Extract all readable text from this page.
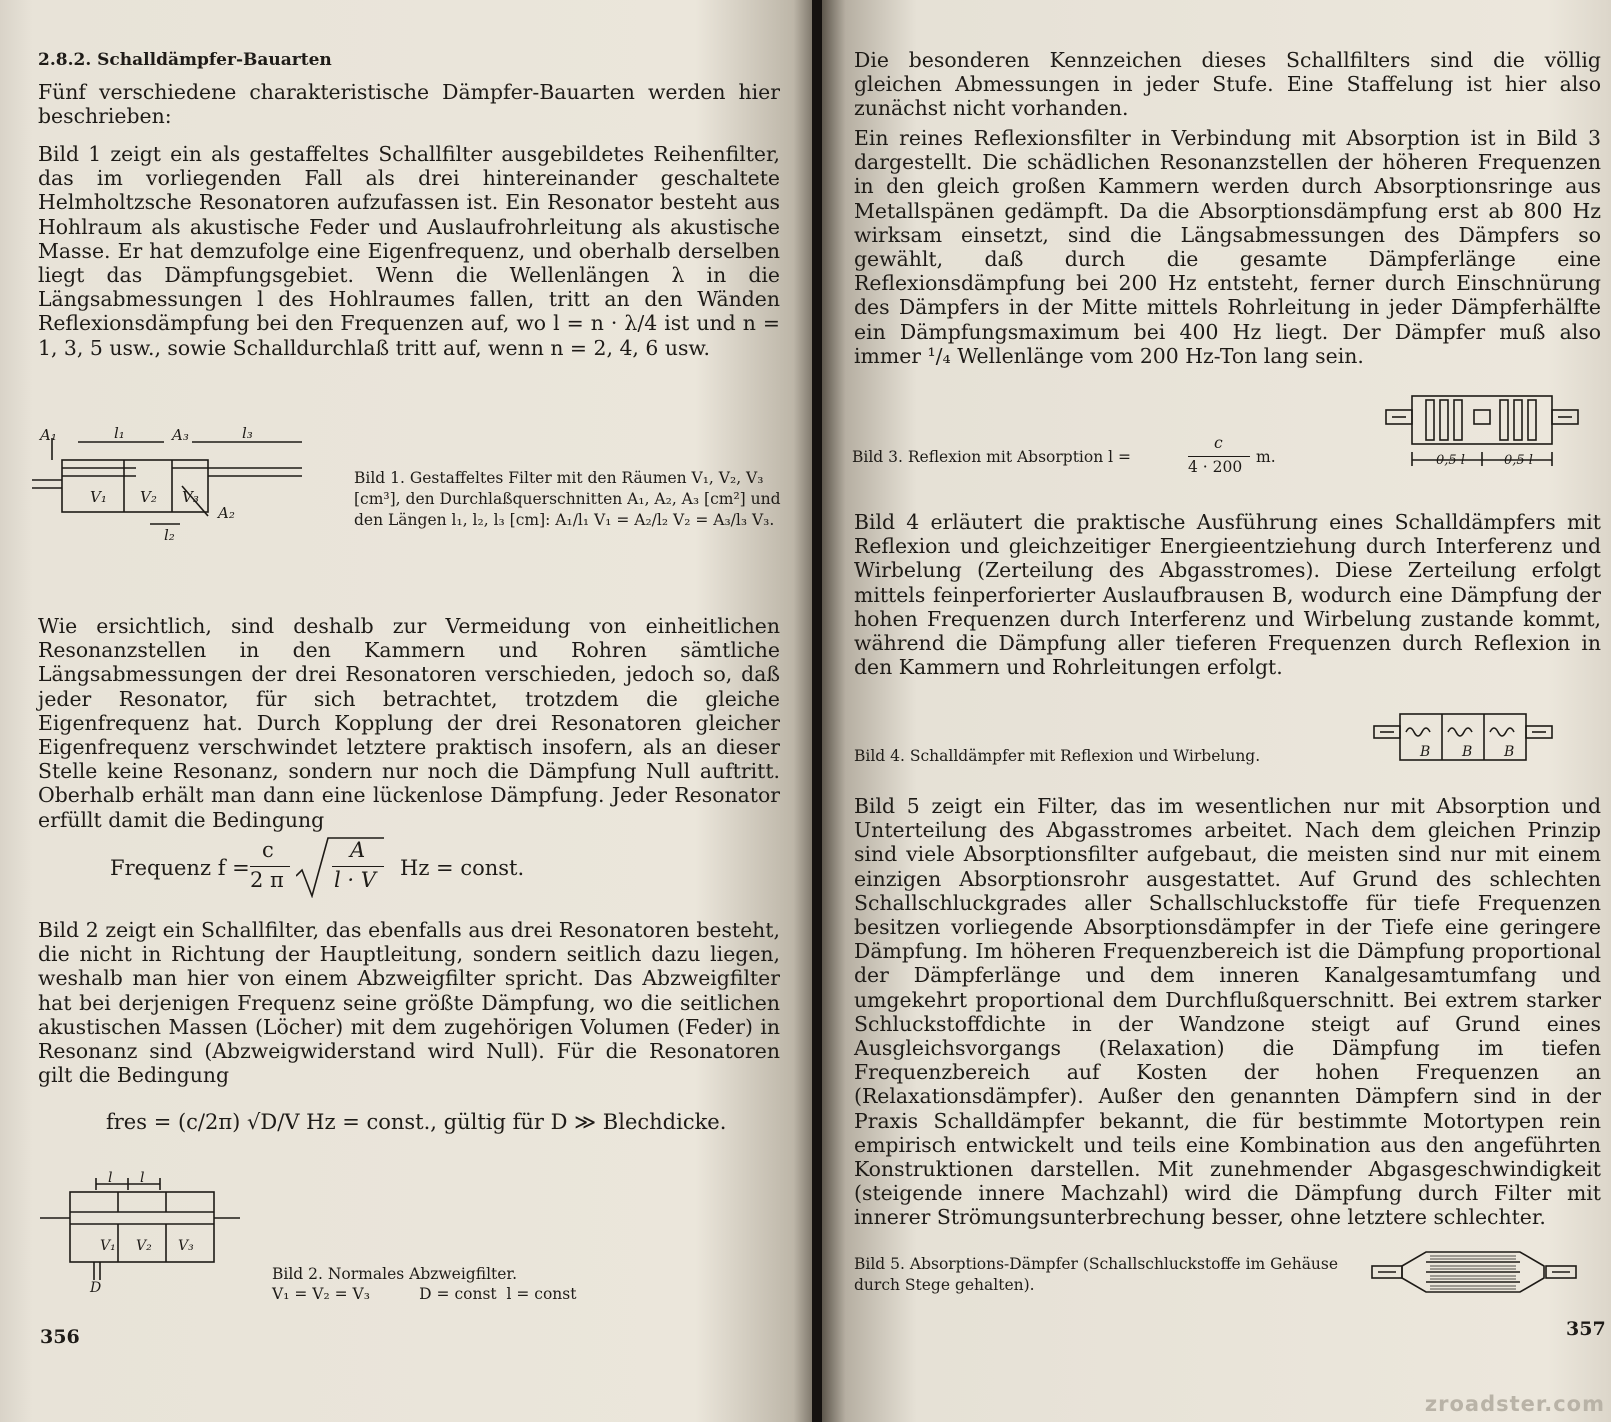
2.8.2. Schalldämpfer-Bauarten

Fünf verschiedene charakteristische Dämpfer-Bauarten werden hier beschrieben:

Bild 1 zeigt ein als gestaffeltes Schallfilter ausgebildetes Reihenfilter, das im vorliegenden Fall als drei hintereinander geschaltete Helmholtzsche Resonatoren aufzufassen ist. Ein Resonator besteht aus Hohlraum als akustische Feder und Auslaufrohrleitung als akustische Masse. Er hat demzufolge eine Eigenfrequenz, und oberhalb derselben liegt das Dämpfungsgebiet. Wenn die Wellenlängen λ in die Längsabmessungen l des Hohlraumes fallen, tritt an den Wänden Reflexionsdämpfung bei den Frequenzen auf, wo l = n · λ/4 ist und n = 1, 3, 5 usw., sowie Schalldurchlaß tritt auf, wenn n = 2, 4, 6 usw.

A₁	l₁	A₃	l₃
V₁ V₂ V₃
A₂
l₂

Bild 1. Gestaffeltes Filter mit den Räumen V₁, V₂, V₃ [cm³], den Durchlaßquerschnitten A₁, A₂, A₃ [cm²] und den Längen l₁, l₂, l₃ [cm]: A₁/l₁ V₁ = A₂/l₂ V₂ = A₃/l₃ V₃.

Wie ersichtlich, sind deshalb zur Vermeidung von einheitlichen Resonanzstellen in den Kammern und Rohren sämtliche Längsabmessungen der drei Resonatoren verschieden, jedoch so, daß jeder Resonator, für sich betrachtet, trotzdem die gleiche Eigenfrequenz hat. Durch Kopplung der drei Resonatoren gleicher Eigenfrequenz verschwindet letztere praktisch insofern, als an dieser Stelle keine Resonanz, sondern nur noch die Dämpfung Null auftritt. Oberhalb erhält man dann eine lückenlose Dämpfung. Jeder Resonator erfüllt damit die Bedingung

Frequenz f =
c
2 π
A
l · V Hz = const.

Bild 2 zeigt ein Schallfilter, das ebenfalls aus drei Resonatoren besteht, die nicht in Richtung der Hauptleitung, sondern seitlich dazu liegen, weshalb man hier von einem Abzweigfilter spricht. Das Abzweigfilter hat bei derjenigen Frequenz seine größte Dämpfung, wo die seitlichen akustischen Massen (Löcher) mit dem zugehörigen Volumen (Feder) in Resonanz sind (Abzweigwiderstand wird Null). Für die Resonatoren gilt die Bedingung

fres = (c/2π) √D/V Hz = const., gültig für D ≫ Blechdicke.

l l
V₁ V₂ V₃
D

Bild 2. Normales Abzweigfilter.

V₁ = V₂ = V₃          D = const  l = const

356

Die besonderen Kennzeichen dieses Schallfilters sind die völlig gleichen Abmessungen in jeder Stufe. Eine Staffelung ist hier also zunächst nicht vorhanden.

Ein reines Reflexionsfilter in Verbindung mit Absorption ist in Bild 3 dargestellt. Die schädlichen Resonanzstellen der höheren Frequenzen in den gleich großen Kammern werden durch Absorptionsringe aus Metallspänen gedämpft. Da die Absorptionsdämpfung erst ab 800 Hz wirksam einsetzt, sind die Längsabmessungen des Dämpfers so gewählt, daß durch die gesamte Dämpferlänge eine Reflexionsdämpfung bei 200 Hz entsteht, ferner durch Einschnürung des Dämpfers in der Mitte mittels Rohrleitung in jeder Dämpferhälfte ein Dämpfungsmaximum bei 400 Hz liegt. Der Dämpfer muß also immer ¹/₄ Wellenlänge vom 200 Hz-Ton lang sein.

Bild 3. Reflexion mit Absorption l =
c
4 · 200
m.	0,5 l	0,5 l

Bild 4 erläutert die praktische Ausführung eines Schalldämpfers mit Reflexion und gleichzeitiger Energieentziehung durch Interferenz und Wirbelung (Zerteilung des Abgasstromes). Diese Zerteilung erfolgt mittels feinperforierter Auslaufbrausen B, wodurch eine Dämpfung der hohen Frequenzen durch Interferenz und Wirbelung zustande kommt, während die Dämpfung aller tieferen Frequenzen durch Reflexion in den Kammern und Rohrleitungen erfolgt.

Bild 4. Schalldämpfer mit Reflexion und Wirbelung.	B B B

Bild 5 zeigt ein Filter, das im wesentlichen nur mit Absorption und Unterteilung des Abgasstromes arbeitet. Nach dem gleichen Prinzip sind viele Absorptionsfilter aufgebaut, die meisten sind nur mit einem einzigen Absorptionsrohr ausgestattet. Auf Grund des schlechten Schallschluckgrades aller Schallschluckstoffe für tiefe Frequenzen besitzen vorliegende Absorptionsdämpfer in der Tiefe eine geringere Dämpfung. Im höheren Frequenzbereich ist die Dämpfung proportional der Dämpferlänge und dem inneren Kanalgesamtumfang und umgekehrt proportional dem Durchflußquerschnitt. Bei extrem starker Schluckstoffdichte in der Wandzone steigt auf Grund eines Ausgleichsvorgangs (Relaxation) die Dämpfung im tiefen Frequenzbereich auf Kosten der hohen Frequenzen an (Relaxationsdämpfer). Außer den genannten Dämpfern sind in der Praxis Schalldämpfer bekannt, die für bestimmte Motortypen rein empirisch entwickelt und teils eine Kombination aus den angeführten Konstruktionen darstellen. Mit zunehmender Abgasgeschwindigkeit (steigende innere Machzahl) wird die Dämpfung durch Filter mit innerer Strömungsunterbrechung besser, ohne letztere schlechter.

Bild 5. Absorptions-Dämpfer (Schallschluckstoffe im Gehäuse durch Stege gehalten).

357

zroadster.com
